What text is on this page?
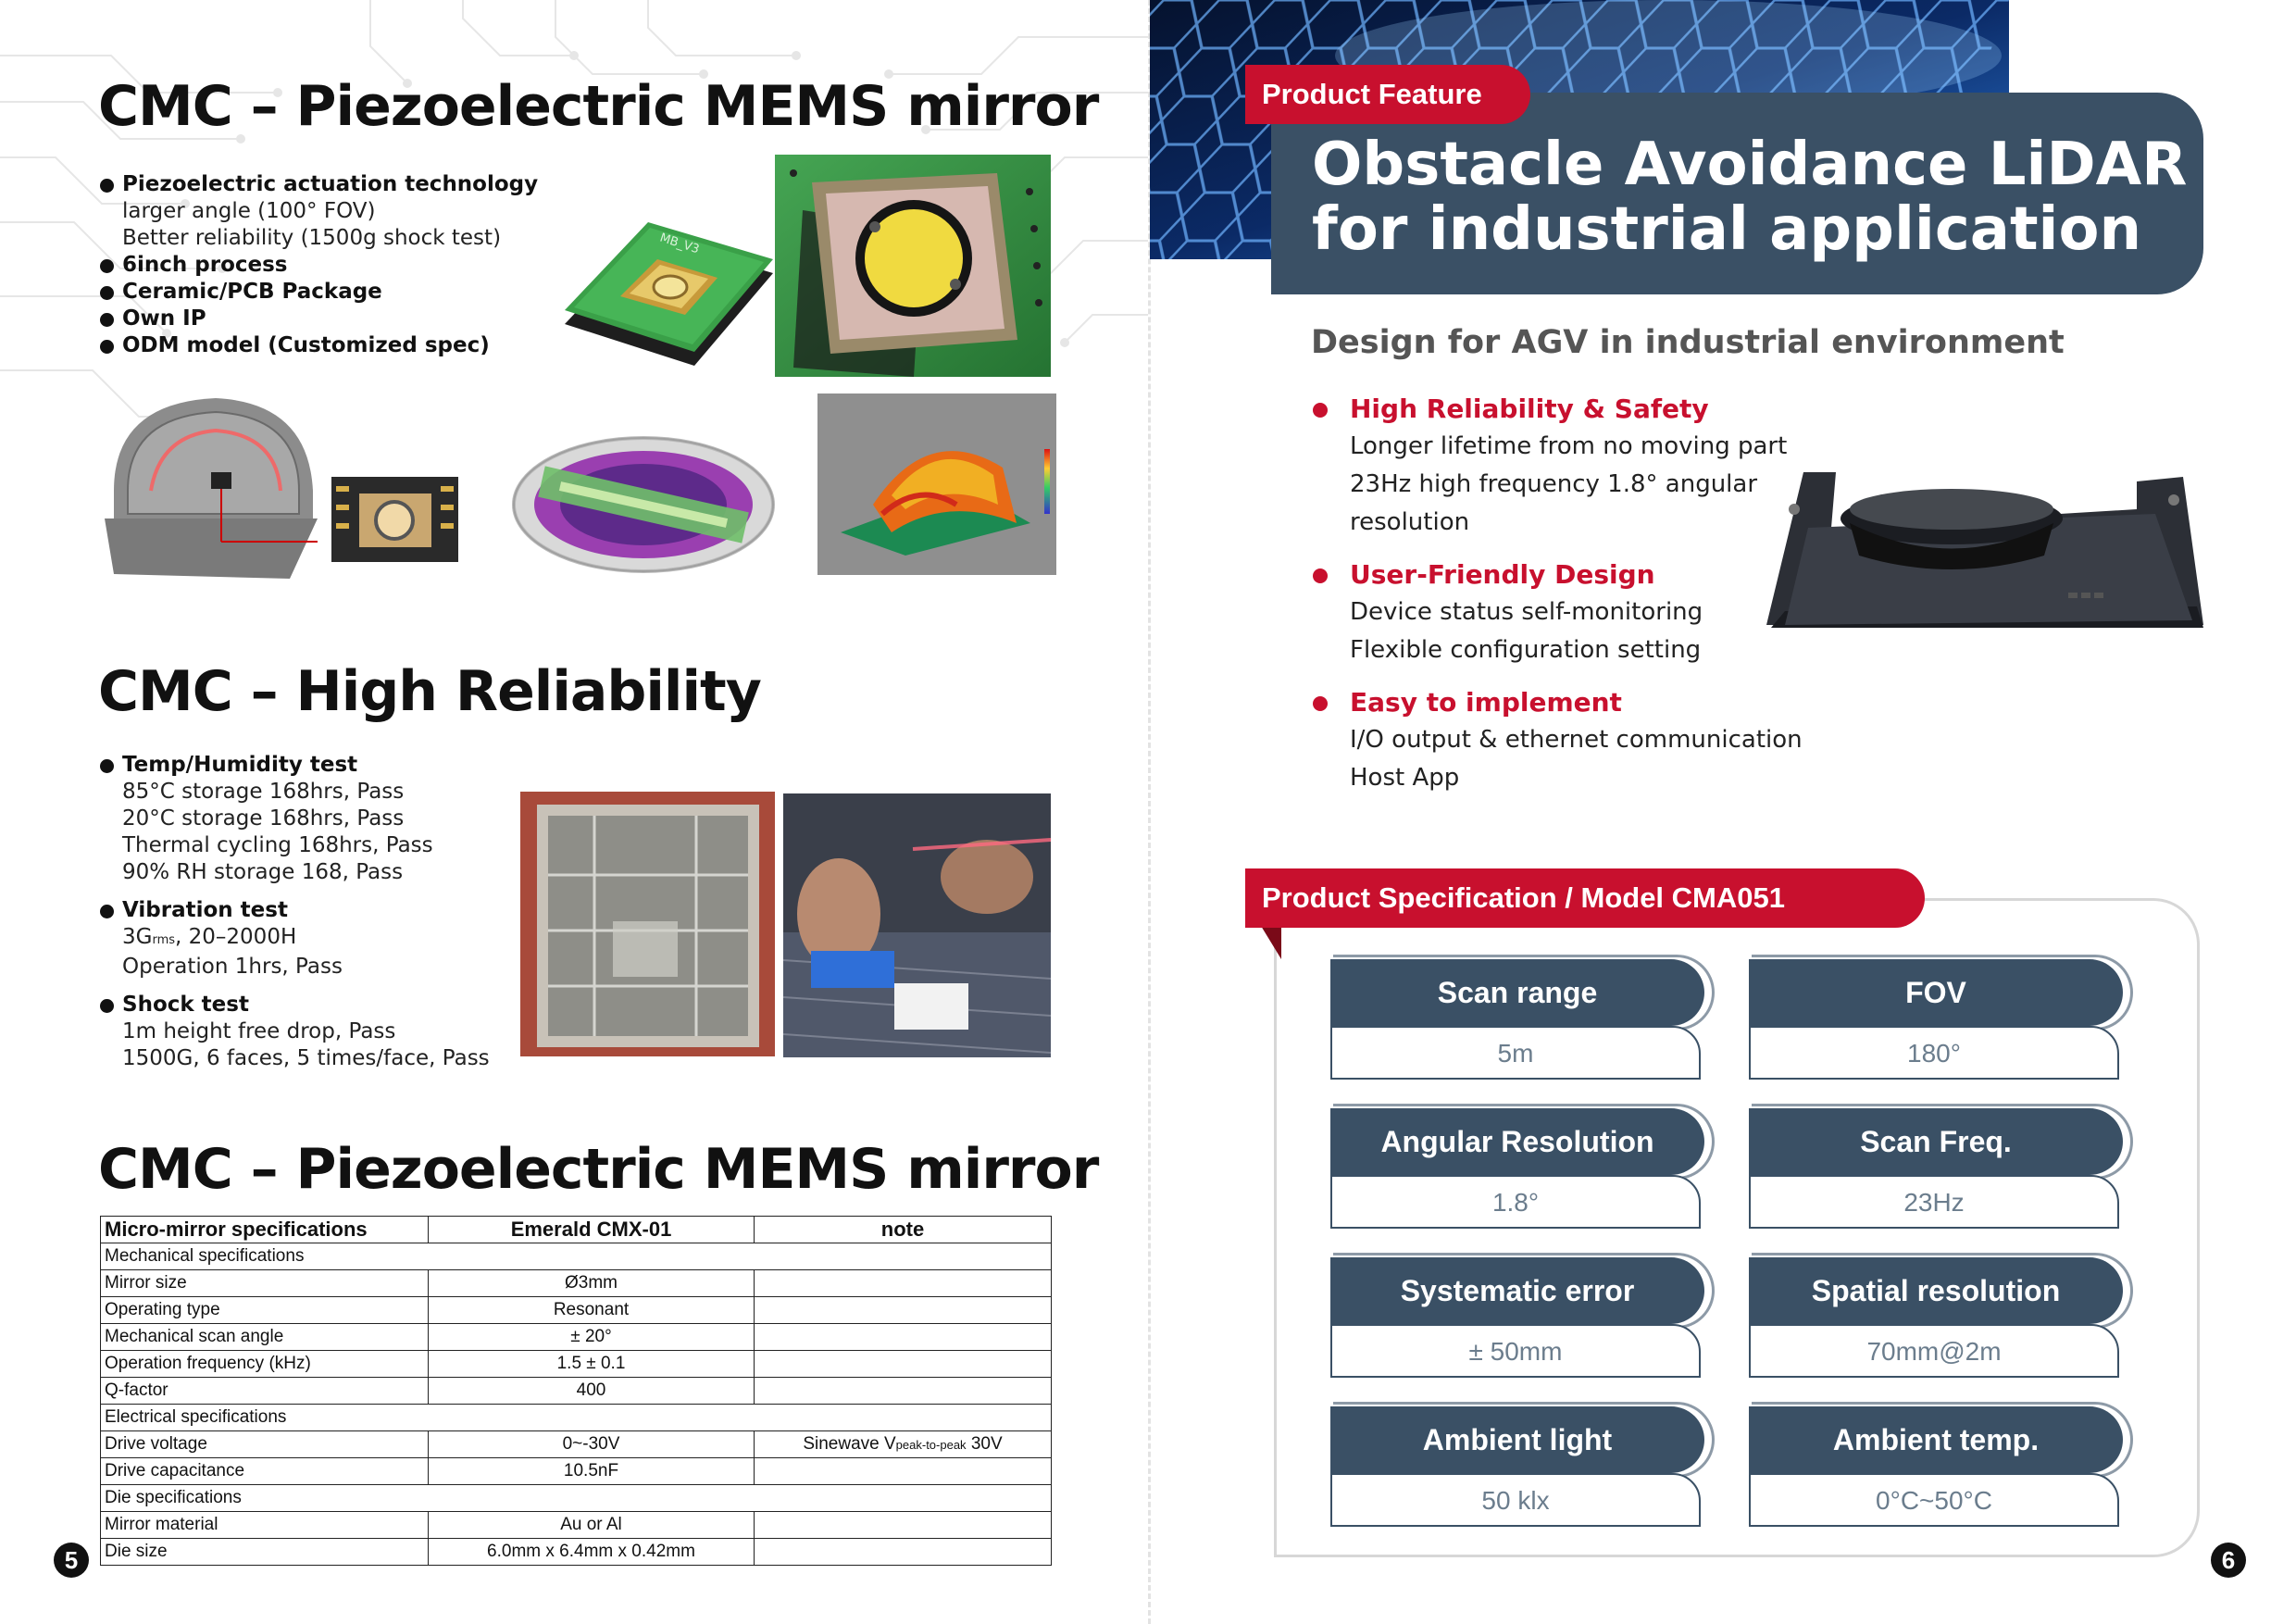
CMC – Piezoelectric MEMS mirror
Piezoelectric actuation technology
larger angle (100° FOV)
Better reliability (1500g shock test)
6inch process
Ceramic/PCB Package
Own IP
ODM model (Customized spec)
MB_V3
CMC – High Reliability
Temp/Humidity test
85°C storage 168hrs, Pass
20°C storage 168hrs, Pass
Thermal cycling 168hrs, Pass
90% RH storage 168, Pass
Vibration test
3Grms, 20–2000H
Operation 1hrs, Pass
Shock test
1m height free drop, Pass
1500G, 6 faces, 5 times/face, Pass
CMC – Piezoelectric MEMS mirror
Micro-mirror specifications	Emerald CMX-01	note
Mechanical specifications		
Mirror size	Ø3mm	
Operating type	Resonant	
Mechanical scan angle	± 20°	
Operation frequency (kHz)	1.5 ± 0.1	
Q-factor	400	
Electrical specifications		
Drive voltage	0~-30V	Sinewave Vpeak-to-peak 30V
Drive capacitance	10.5nF	
Die specifications		
Mirror material	Au or Al	
Die size	6.0mm x 6.4mm x 0.42mm	
5
Product Feature
Obstacle Avoidance LiDAR
for industrial application
Design for AGV in industrial environment
High Reliability & Safety
Longer lifetime from no moving part
23Hz high frequency 1.8° angular
resolution
User-Friendly Design
Device status self-monitoring
Flexible configuration setting
Easy to implement
I/O output & ethernet communication
Host App
Product Specification / Model CMA051
Scan range
5m
FOV
180°
Angular Resolution
1.8°
Scan Freq.
23Hz
Systematic error
± 50mm
Spatial resolution
70mm@2m
Ambient light
50 klx
Ambient temp.
0°C~50°C
6
